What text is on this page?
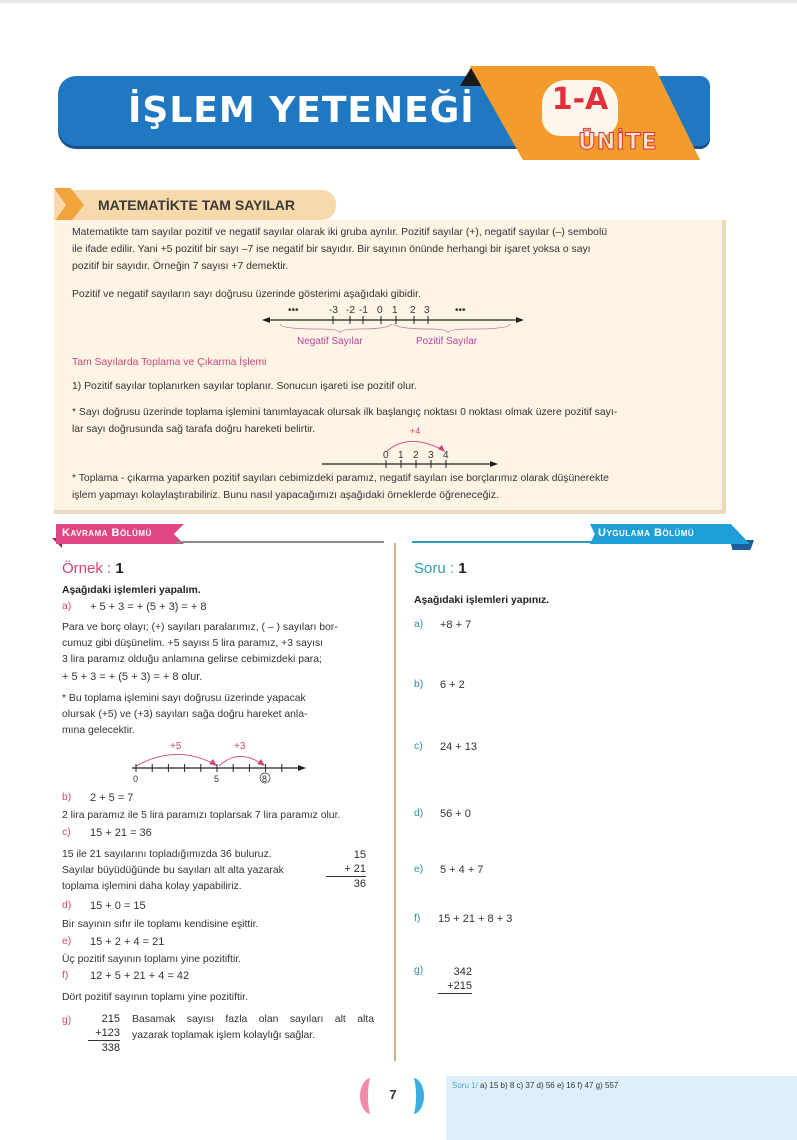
İŞLEM YETENEĞİ	1-A
ÜNİTE
MATEMATİKTE TAM SAYILAR
Matematikte tam sayılar pozitif ve negatif sayılar olarak iki gruba ayrılır. Pozitif sayılar (+), negatif sayılar (–) sembolü
ile ifade edilir. Yani +5 pozitif bir sayı –7 ise negatif bir sayıdır. Bir sayının önünde herhangi bir işaret yoksa o sayı
pozitif bir sayıdır. Örneğin 7 sayısı +7 demektir.
Pozitif ve negatif sayıların sayı doğrusu üzerinde gösterimi aşağıdaki gibidir.
•••	•••
-3 -2 -1 0 1 2 3
Negatif Sayılar	Pozitif Sayılar
Tam Sayılarda Toplama ve Çıkarma İşlemi
1) Pozitif sayılar toplanırken sayılar toplanır. Sonucun işareti ise pozitif olur.
* Sayı doğrusu üzerinde toplama işlemini tanımlayacak olursak ilk başlangıç noktası 0 noktası olmak üzere pozitif sayı-
lar sayı doğrusunda sağ tarafa doğru hareketi belirtir.	+4
0 1 2 3 4
* Toplama - çıkarma yaparken pozitif sayıları cebimizdeki paramız, negatif sayıları ise borçlarımız olarak düşünerekte
işlem yapmayı kolaylaştırabiliriz. Bunu nasıl yapacağımızı aşağıdaki örneklerde öğreneceğiz.
Kavrama Bölümü	Uygulama Bölümü
Örnek : 1
Aşağıdaki işlemleri yapalım.
a) + 5 + 3 = + (5 + 3) = + 8
Para ve borç olayı; (+) sayıları paralarımız, ( – ) sayıları bor-
cumuz gibi düşünelim. +5 sayısı 5 lira paramız, +3 sayısı
3 lira paramız olduğu anlamına gelirse cebimizdeki para;
+ 5 + 3 = + (5 + 3) = + 8 olur.
* Bu toplama işlemini sayı doğrusu üzerinde yapacak
olursak (+5) ve (+3) sayıları sağa doğru hareket anla-
mına gelecektir.
+5	+3
0	5	8
b) 2 + 5 = 7
2 lira paramız ile 5 lira paramızı toplarsak 7 lira paramız olur.
c) 15 + 21 = 36
15 ile 21 sayılarını topladığımızda 36 buluruz.
Sayılar büyüdüğünde bu sayıları alt alta yazarak
toplama işlemini daha kolay yapabiliriz.
15
+ 21
36
d) 15 + 0 = 15
Bir sayının sıfır ile toplamı kendisine eşittir.
e) 15 + 2 + 4 = 21
Üç pozitif sayının toplamı yine pozitiftir.
f) 12 + 5 + 21 + 4 = 42
Dört pozitif sayının toplamı yine pozitiftir.
g)	215
+123
338
Basamak sayısı fazla olan sayıları alt alta
yazarak toplamak işlem kolaylığı sağlar.
Soru : 1
Aşağıdaki işlemleri yapınız.
a) +8 + 7
b) 6 + 2
c) 24 + 13
d) 56 + 0
e) 5 + 4 + 7
f) 15 + 21 + 8 + 3
g)	342
+215
7
Soru 1/ a) 15 b) 8 c) 37 d) 56 e) 16 f) 47 g) 557
